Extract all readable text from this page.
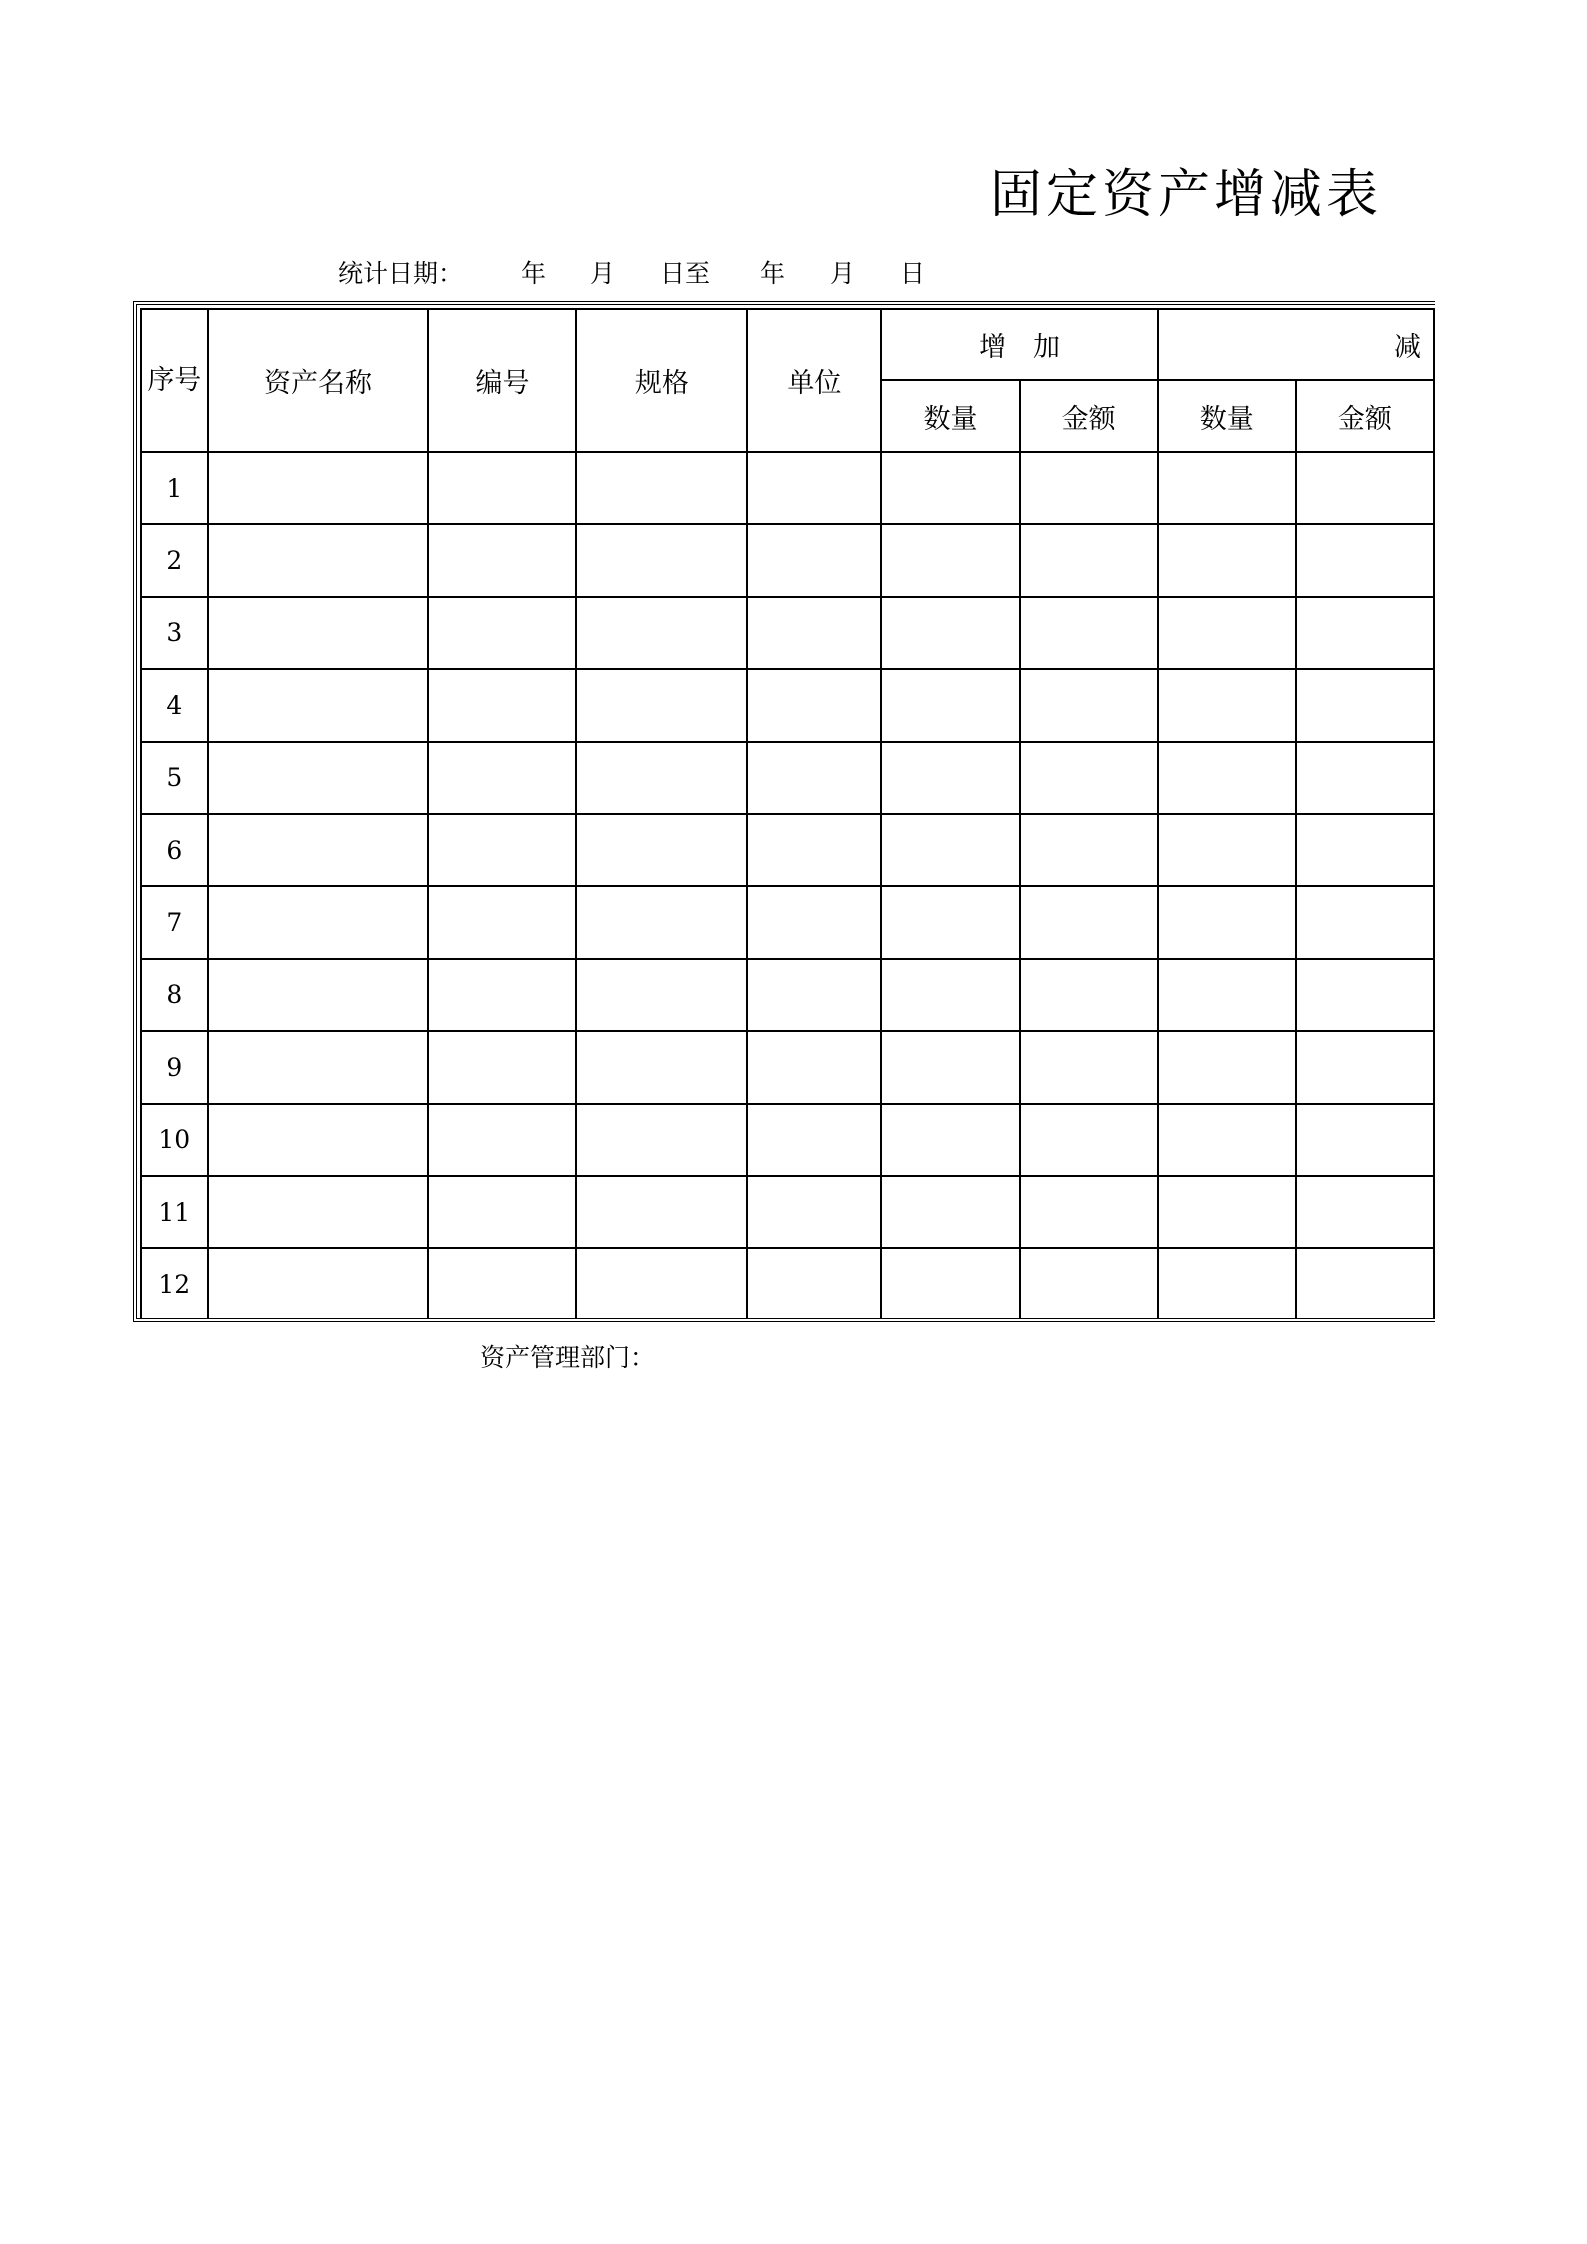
固定资产增减表
统计日期： 年 月 日至 年 月 日
序号	资产名称	编号	规格	单位	增　加		减	
					数量	金额	数量	金额
1								
2								
3								
4								
5								
6								
7								
8								
9								
10								
11								
12								
资产管理部门：
